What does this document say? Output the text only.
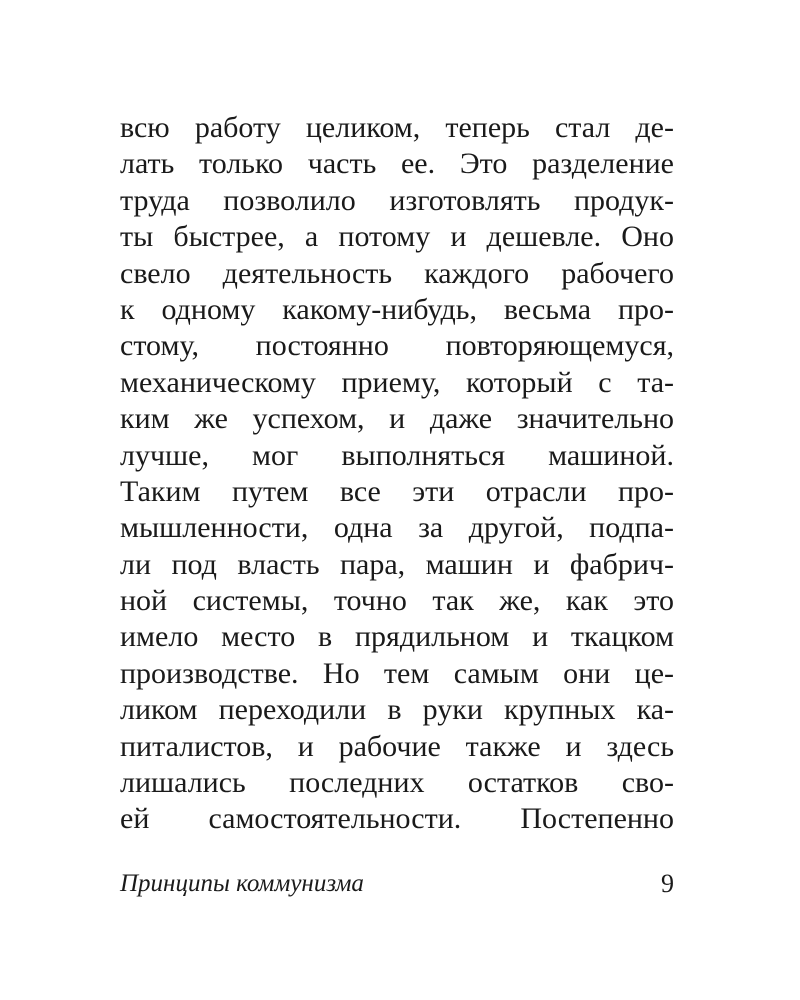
всю работу целиком, теперь стал де-
лать только часть ее. Это разделение
труда позволило изготовлять продук-
ты быстрее, а потому и дешевле. Оно
свело деятельность каждого рабочего
к одному какому-нибудь, весьма про-
стому, постоянно повторяющемуся,
механическому приему, который с та-
ким же успехом, и даже значительно
лучше, мог выполняться машиной.
Таким путем все эти отрасли про-
мышленности, одна за другой, подпа-
ли под власть пара, машин и фабрич-
ной системы, точно так же, как это
имело место в прядильном и ткацком
производстве. Но тем самым они це-
ликом переходили в руки крупных ка-
питалистов, и рабочие также и здесь
лишались последних остатков сво-
ей самостоятельности. Постепенно
Принципы коммунизма	9
